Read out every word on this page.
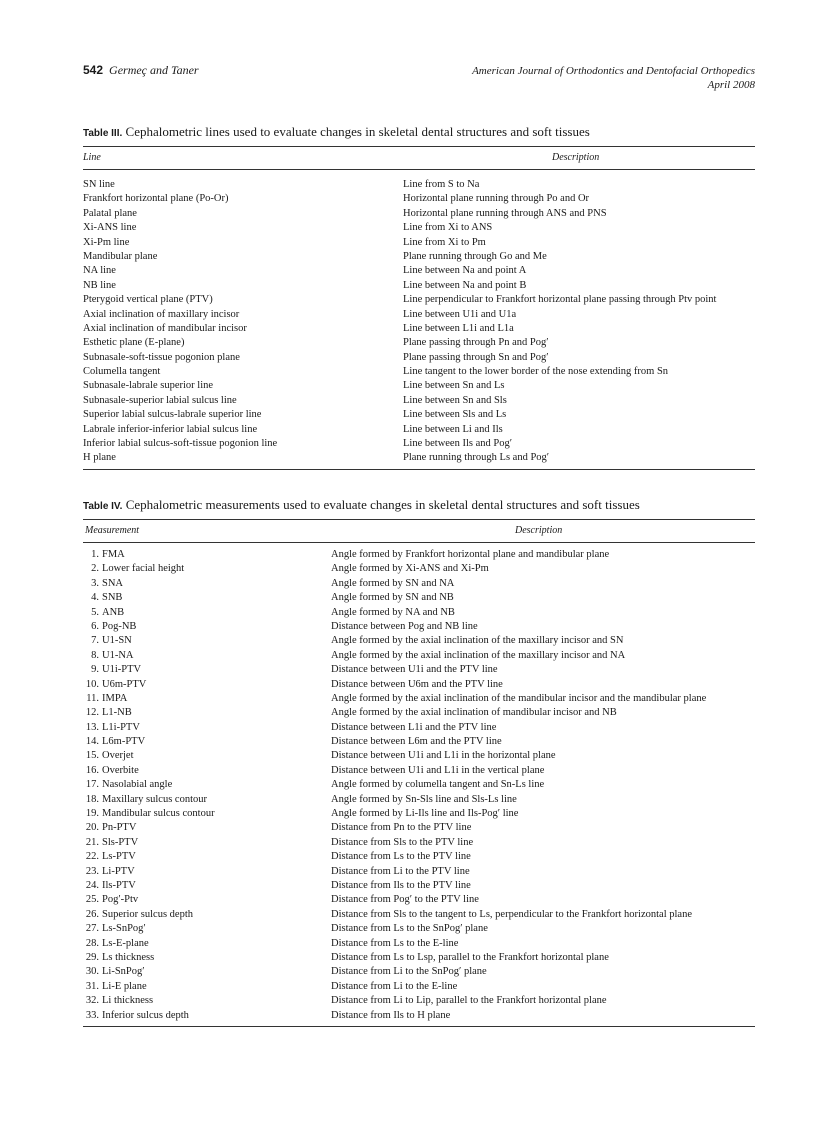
542 Germeç and Taner	American Journal of Orthodontics and Dentofacial Orthopedics
April 2008
Table III. Cephalometric lines used to evaluate changes in skeletal dental structures and soft tissues
Line	Description
SN line	Line from S to Na
Frankfort horizontal plane (Po-Or)	Horizontal plane running through Po and Or
Palatal plane	Horizontal plane running through ANS and PNS
Xi-ANS line	Line from Xi to ANS
Xi-Pm line	Line from Xi to Pm
Mandibular plane	Plane running through Go and Me
NA line	Line between Na and point A
NB line	Line between Na and point B
Pterygoid vertical plane (PTV)	Line perpendicular to Frankfort horizontal plane passing through Ptv point
Axial inclination of maxillary incisor	Line between U1i and U1a
Axial inclination of mandibular incisor	Line between L1i and L1a
Esthetic plane (E-plane)	Plane passing through Pn and Pog′
Subnasale-soft-tissue pogonion plane	Plane passing through Sn and Pog′
Columella tangent	Line tangent to the lower border of the nose extending from Sn
Subnasale-labrale superior line	Line between Sn and Ls
Subnasale-superior labial sulcus line	Line between Sn and Sls
Superior labial sulcus-labrale superior line	Line between Sls and Ls
Labrale inferior-inferior labial sulcus line	Line between Li and Ils
Inferior labial sulcus-soft-tissue pogonion line	Line between Ils and Pog′
H plane	Plane running through Ls and Pog′
Table IV. Cephalometric measurements used to evaluate changes in skeletal dental structures and soft tissues
Measurement	Description
1. FMA	Angle formed by Frankfort horizontal plane and mandibular plane
2. Lower facial height	Angle formed by Xi-ANS and Xi-Pm
3. SNA	Angle formed by SN and NA
4. SNB	Angle formed by SN and NB
5. ANB	Angle formed by NA and NB
6. Pog-NB	Distance between Pog and NB line
7. U1-SN	Angle formed by the axial inclination of the maxillary incisor and SN
8. U1-NA	Angle formed by the axial inclination of the maxillary incisor and NA
9. U1i-PTV	Distance between U1i and the PTV line
10. U6m-PTV	Distance between U6m and the PTV line
11. IMPA	Angle formed by the axial inclination of the mandibular incisor and the mandibular plane
12. L1-NB	Angle formed by the axial inclination of mandibular incisor and NB
13. L1i-PTV	Distance between L1i and the PTV line
14. L6m-PTV	Distance between L6m and the PTV line
15. Overjet	Distance between U1i and L1i in the horizontal plane
16. Overbite	Distance between U1i and L1i in the vertical plane
17. Nasolabial angle	Angle formed by columella tangent and Sn-Ls line
18. Maxillary sulcus contour	Angle formed by Sn-Sls line and Sls-Ls line
19. Mandibular sulcus contour	Angle formed by Li-Ils line and Ils-Pog′ line
20. Pn-PTV	Distance from Pn to the PTV line
21. Sls-PTV	Distance from Sls to the PTV line
22. Ls-PTV	Distance from Ls to the PTV line
23. Li-PTV	Distance from Li to the PTV line
24. Ils-PTV	Distance from Ils to the PTV line
25. Pog′-Ptv	Distance from Pog′ to the PTV line
26. Superior sulcus depth	Distance from Sls to the tangent to Ls, perpendicular to the Frankfort horizontal plane
27. Ls-SnPog′	Distance from Ls to the SnPog′ plane
28. Ls-E-plane	Distance from Ls to the E-line
29. Ls thickness	Distance from Ls to Lsp, parallel to the Frankfort horizontal plane
30. Li-SnPog′	Distance from Li to the SnPog′ plane
31. Li-E plane	Distance from Li to the E-line
32. Li thickness	Distance from Li to Lip, parallel to the Frankfort horizontal plane
33. Inferior sulcus depth	Distance from Ils to H plane
